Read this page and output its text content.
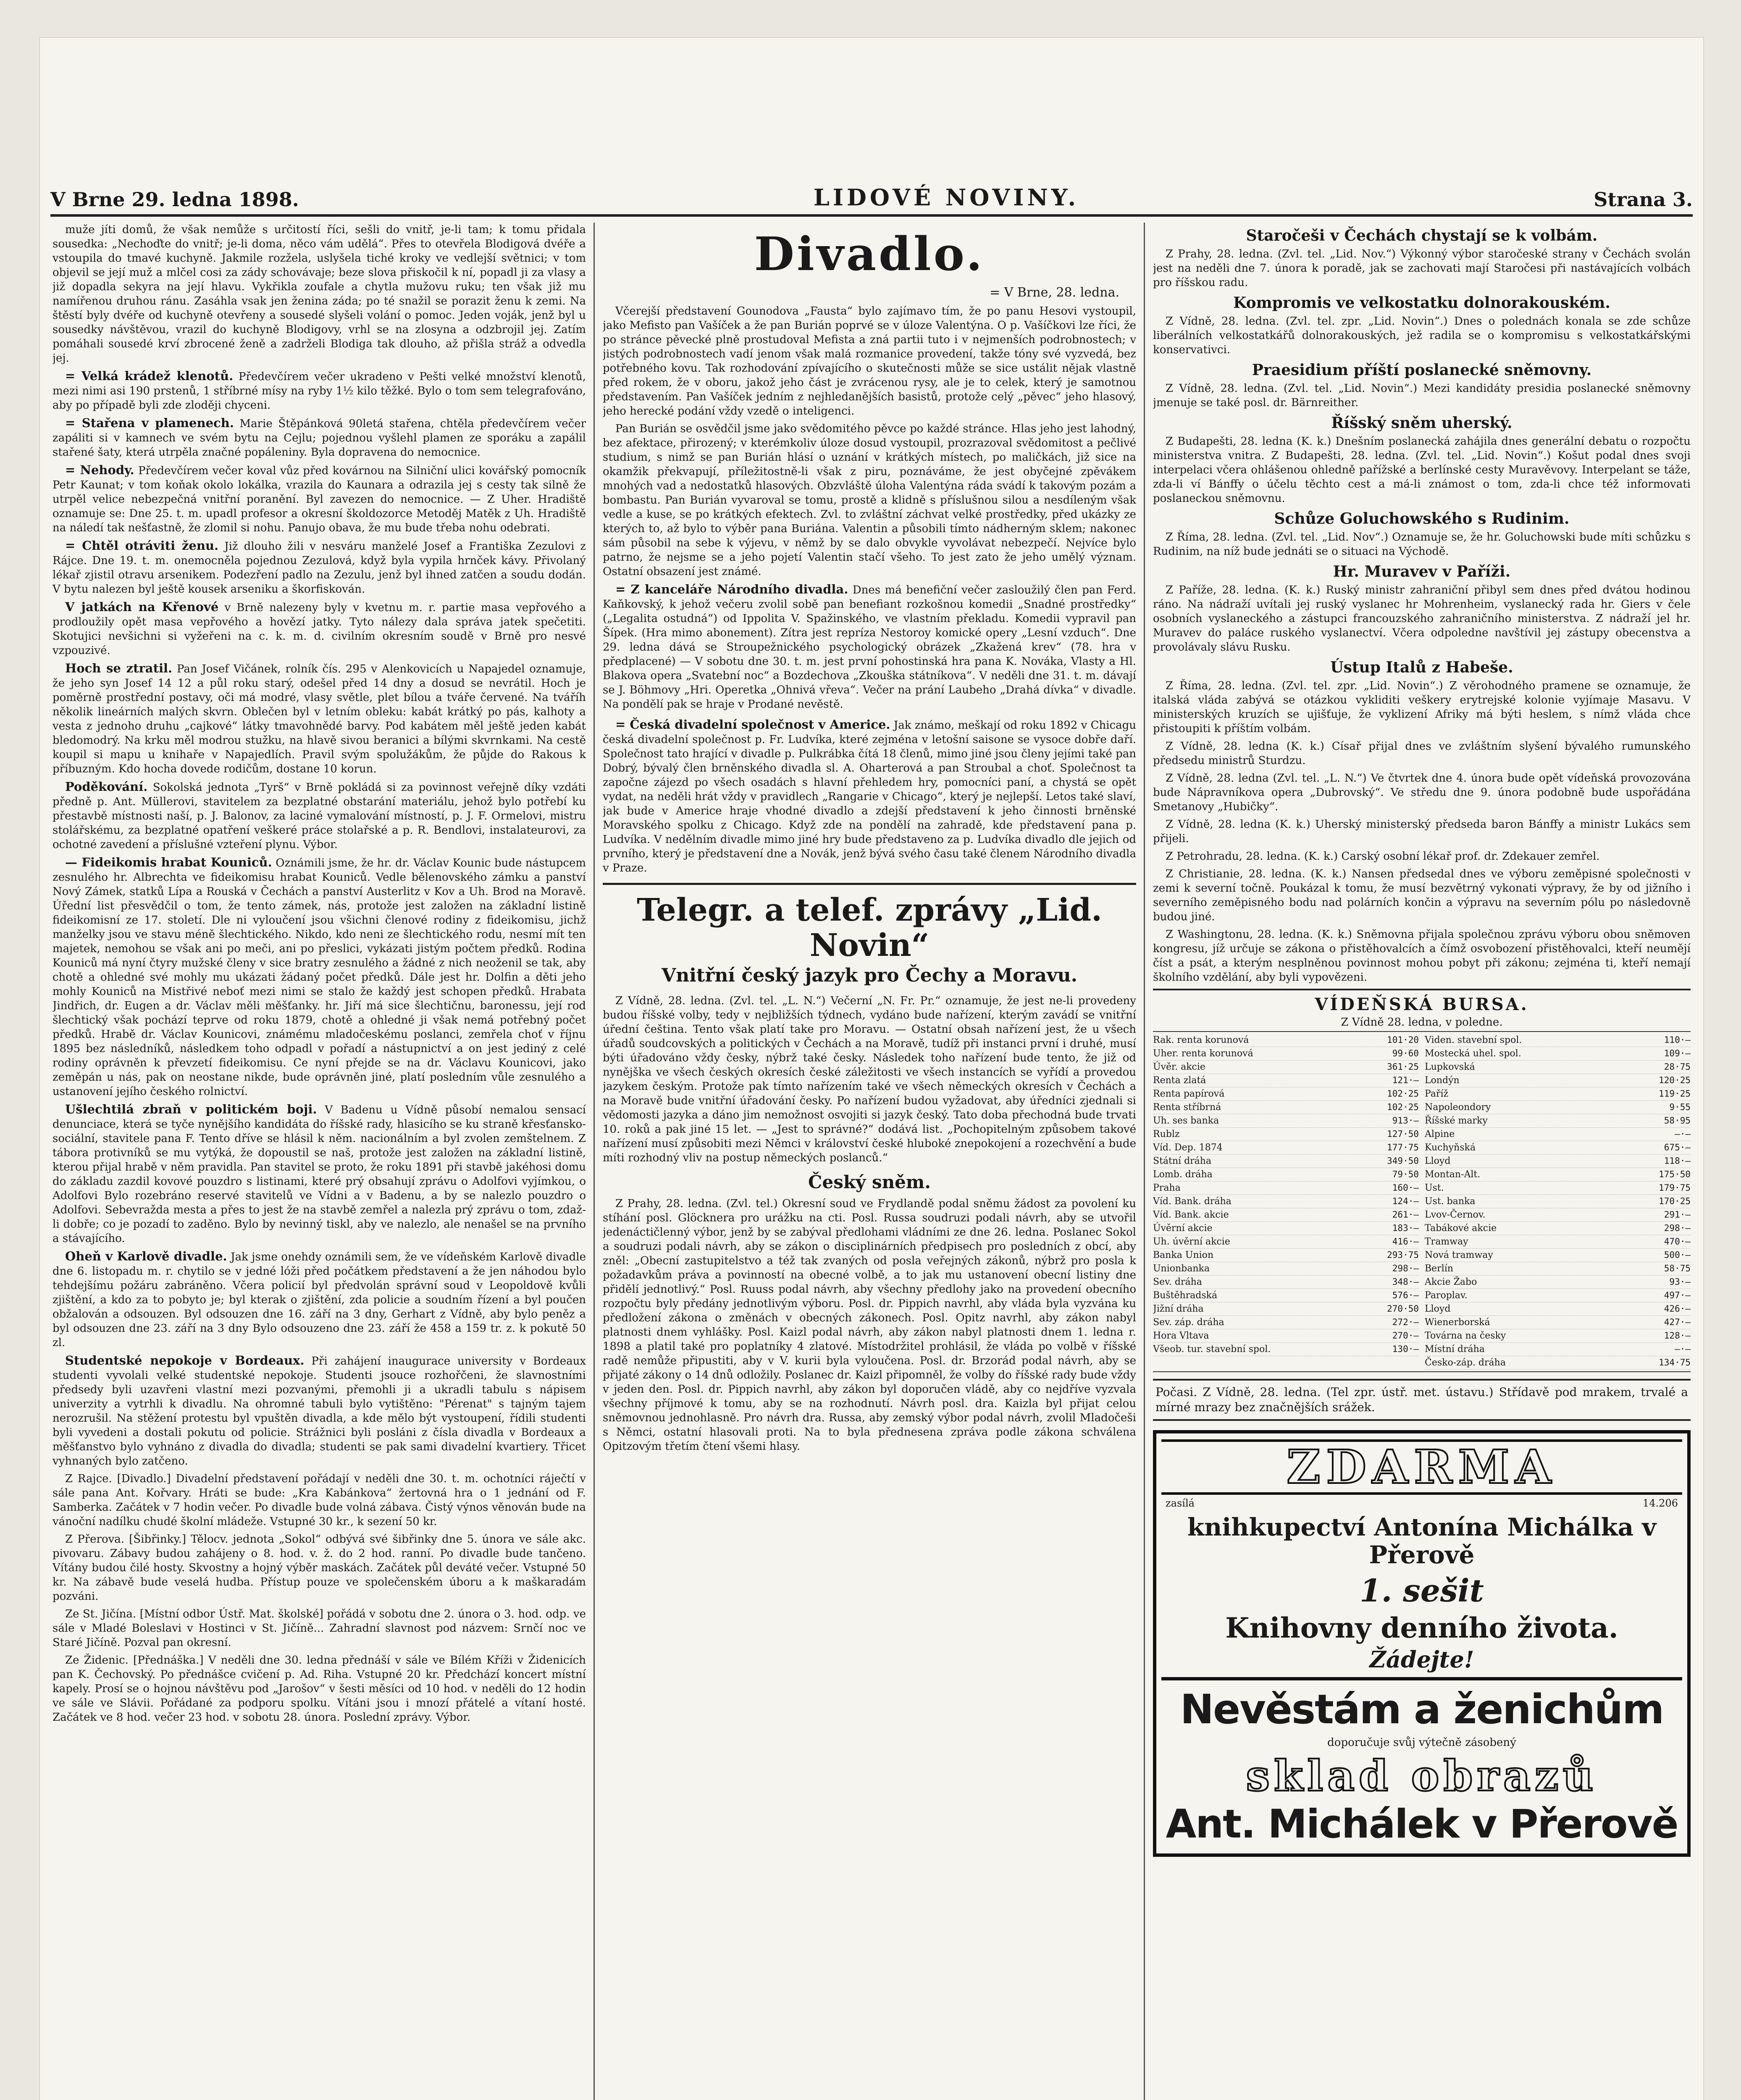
V Brne 29. ledna 1898.	LIDOVÉ NOVINY.	Strana 3.

muže jíti domů, že však nemůže s určitostí říci, sešli do vnitř, je-li tam; k tomu přidala sousedka: „Nechoďte do vnitř; je-li doma, něco vám udělá“. Přes to otevřela Blodigová dvéře a vstoupila do tmavé kuchyně. Jakmile rozžela, uslyšela tiché kroky ve vedlejší světnici; v tom objevil se její muž a mlčel cosi za zády schovávaje; beze slova přiskočil k ní, popadl ji za vlasy a již dopadla sekyra na její hlavu. Vykřikla zoufale a chytla mužovu ruku; ten však již mu namířenou druhou ránu. Zasáhla vsak jen ženina záda; po té snažil se porazit ženu k zemi. Na štěstí byly dvéře od kuchyně otevřeny a sousedé slyšeli volání o pomoc. Jeden voják, jenž byl u sousedky návštěvou, vrazil do kuchyně Blodigovy, vrhl se na zlosyna a odzbrojil jej. Zatím pomáhali sousedé krví zbrocené ženě a zadrželi Blodiga tak dlouho, až přišla stráž a odvedla jej.

= Velká krádež klenotů. Předevčírem večer ukradeno v Pešti velké množství klenotů, mezi nimi asi 190 prstenů, 1 stříbrné mísy na ryby 1½ kilo těžké. Bylo o tom sem telegrafováno, aby po případě byli zde zloději chyceni.

= Stařena v plamenech. Marie Štěpánková 90letá stařena, chtěla předevčírem večer zapáliti si v kamnech ve svém bytu na Cejlu; pojednou vyšlehl plamen ze sporáku a zapálil stařené šaty, která utrpěla značné popáleniny. Byla dopravena do nemocnice.

= Nehody. Předevčírem večer koval vůz před kovárnou na Silniční ulici kovářský pomocník Petr Kaunat; v tom koňak okolo lokálka, vrazila do Kaunara a odrazila jej s cesty tak silně že utrpěl velice nebezpečná vnitřní poranění. Byl zavezen do nemocnice. — Z Uher. Hradiště oznamuje se: Dne 25. t. m. upadl profesor a okresní školdozorce Metoděj Matěk z Uh. Hradiště na náledí tak nešťastně, že zlomil si nohu. Panujo obava, že mu bude třeba nohu odebrati.

= Chtěl otráviti ženu. Již dlouho žili v nesváru manželé Josef a Františka Zezulovi z Rájce. Dne 19. t. m. onemocněla pojednou Zezulová, když byla vypila hrnček kávy. Přivolaný lékař zjistil otravu arsenikem. Podezření padlo na Zezulu, jenž byl ihned zatčen a soudu dodán. V bytu nalezen byl ještě kousek arseniku a škorfiskován.

V jatkách na Křenové v Brně nalezeny byly v kvetnu m. r. partie masa vepřového a prodloužily opět masa vepřového a hovězí jatky. Tyto nálezy dala správa jatek spečetiti. Skotujici nevšichni si vyžeřeni na c. k. m. d. civilním okresním soudě v Brně pro nesvé vzpouzivé.

Hoch se ztratil. Pan Josef Vičánek, rolník čís. 295 v Alenkovicích u Napajedel oznamuje, že jeho syn Josef 14 12 a půl roku starý, odešel před 14 dny a dosud se nevrátil. Hoch je poměrně prostřední postavy, oči má modré, vlasy světle, plet bílou a tváře červené. Na tváříh několik lineárních malých skvrn. Oblečen byl v letním obleku: kabát krátký po pás, kalhoty a vesta z jednoho druhu „cajkové“ látky tmavohnědé barvy. Pod kabátem měl ještě jeden kabát bledomodrý. Na krku měl modrou stužku, na hlavě sivou beranici a bílými skvrnkami. Na cestě koupil si mapu u knihaře v Napajedlích. Pravil svým spolužákům, že půjde do Rakous k příbuzným. Kdo hocha dovede rodičům, dostane 10 korun.

Poděkování. Sokolská jednota „Tyrš“ v Brně pokládá si za povinnost veřejně díky vzdáti předně p. Ant. Müllerovi, stavitelem za bezplatné obstarání materiálu, jehož bylo potřebí ku přestavbě místnosti naší, p. J. Balonov, za laciné vymalování místností, p. J. F. Ormelovi, mistru stolářskému, za bezplatné opatření veškeré práce stolařské a p. R. Bendlovi, instalateurovi, za ochotné zavedení a příslušné vzteření plynu. Výbor.

— Fideikomis hrabat Kouniců. Oznámili jsme, že hr. dr. Václav Kounic bude nástupcem zesnulého hr. Albrechta ve fideikomisu hrabat Kouniců. Vedle bělenovského zámku a panství Nový Zámek, statků Lípa a Rouská v Čechách a panství Austerlitz v Kov a Uh. Brod na Moravě. Úřední list přesvědčil o tom, že tento zámek, nás, protože jest založen na základní listině fideikomisní ze 17. století. Dle ni vyloučení jsou všichni členové rodiny z fideikomisu, jichž manželky jsou ve stavu méně šlechtického. Nikdo, kdo neni ze šlechtického rodu, nesmí mít ten majetek, nemohou se však ani po meči, ani po přeslici, vykázati jistým počtem předků. Rodina Kouniců má nyní čtyry mužské členy v sice bratry zesnulého a žádné z nich neoženil se tak, aby chotě a ohledné své mohly mu ukázati žádaný počet předků. Dále jest hr. Dolfin a děti jeho mohly Kouniců na Mistřivé neboť mezi nimi se stalo že každý jest schopen předků. Hrabata Jindřich, dr. Eugen a dr. Václav měli měšťanky. hr. Jiří má sice šlechtičnu, baronessu, její rod šlechtický však pochází teprve od roku 1879, chotě a ohledné ji však nemá potřebný počet předků. Hrabě dr. Václav Kounicovi, známému mladočeskému poslanci, zemřela choť v říjnu 1895 bez následníků, následkem toho odpadl v pořadí a nástupnictví a on jest jediný z celé rodiny oprávněn k převzetí fideikomisu. Ce nyní přejde se na dr. Václavu Kounicovi, jako zeměpán u nás, pak on neostane nikde, bude oprávněn jiné, platí posledním vůle zesnulého a ustanovení jejího českého rolnictví.

Ušlechtilá zbraň v politickém boji. V Badenu u Vídně působí nemalou sensací denunciace, která se tyče nynějšího kandidáta do říšské rady, hlasicího se ku straně křesťansko-sociální, stavitele pana F. Tento dříve se hlásil k něm. nacionálním a byl zvolen zemštelnem. Z tábora protivníků se mu vytýká, že dopoustil se naš, protože jest založen na základní listině, kterou přijal hrabě v něm pravidla. Pan stavitel se proto, že roku 1891 při stavbě jakéhosi domu do základu zazdil kovové pouzdro s listinami, které prý obsahují zprávu o Adolfovi vyjímkou, o Adolfovi Bylo rozebráno reservé stavitelů ve Vídni a v Badenu, a by se nalezlo pouzdro o Adolfovi. Sebevražda mesta a přes to jest že na stavbě zemřel a nalezla prý zprávu o tom, zdaž-li dobře; co je pozadí to zaděno. Bylo by nevinný tiskl, aby ve nalezlo, ale nenašel se na prvního a stávajícího.

Oheň v Karlově divadle. Jak jsme onehdy oznámili sem, že ve vídeňském Karlově divadle dne 6. listopadu m. r. chytilo se v jedné lóži před počátkem představení a že jen náhodou bylo tehdejšímu požáru zabráněno. Včera policií byl předvolán správní soud v Leopoldově kvůli zjištění, a kdo za to pobyto je; byl kterak o zjištění, zda policie a soudním řízení a byl poučen obžalován a odsouzen. Byl odsouzen dne 16. září na 3 dny, Gerhart z Vídně, aby bylo peněz a byl odsouzen dne 23. září na 3 dny Bylo odsouzeno dne 23. září že 458 a 159 tr. z. k pokutě 50 zl.

Studentské nepokoje v Bordeaux. Při zahájení inaugurace university v Bordeaux studenti vyvolali velké studentské nepokoje. Studenti jsouce rozhořčeni, že slavnostními předsedy byli uzavřeni vlastní mezi pozvanými, přemohli ji a ukradli tabulu s nápisem univerzity a vytrhli k divadlu. Na ohromné tabuli bylo vytištěno: "Pérenat" s tajným tajem nerozrušil. Na stěžení protestu byl vpuštěn divadla, a kde mělo být vystoupení, řídili studenti byli vyvedeni a dostali pokutu od policie. Strážnici byli posláni z čísla divadla v Bordeaux a měšťanstvo bylo vyhnáno z divadla do divadla; studenti se pak sami divadelní kvartiery. Třicet vyhnaných bylo zatčeno.

Z Rajce. [Divadlo.] Divadelní představení pořádají v neděli dne 30. t. m. ochotníci ráječtí v sále pana Ant. Kořvary. Hráti se bude: „Kra Kabánkova“ žertovná hra o 1 jednání od F. Samberka. Začátek v 7 hodin večer. Po divadle bude volná zábava. Čistý výnos věnován bude na vánoční nadílku chudé školní mládeže. Vstupné 30 kr., k sezení 50 kr.

Z Přerova. [Šibřinky.] Tělocv. jednota „Sokol“ odbývá své šibřinky dne 5. února ve sále akc. pivovaru. Zábavy budou zahájeny o 8. hod. v. ž. do 2 hod. ranní. Po divadle bude tančeno. Vítány budou čilé hosty. Skvostny a hojný výběr maskách. Začátek půl deváté večer. Vstupné 50 kr. Na zábavě bude veselá hudba. Přístup pouze ve společenském úboru a k maškaradám pozváni.

Ze St. Jičína. [Místní odbor Ústř. Mat. školské] pořádá v sobotu dne 2. února o 3. hod. odp. ve sále v Mladé Boleslavi v Hostinci v St. Jičíně... Zahradní slavnost pod názvem: Srnčí noc ve Staré Jičíně. Pozval pan okresní.

Ze Židenic. [Přednáška.] V neděli dne 30. ledna přednáší v sále ve Bílém Kříži v Židenicích pan K. Čechovský. Po přednášce cvičení p. Ad. Riha. Vstupné 20 kr. Předchází koncert místní kapely. Prosí se o hojnou návštěvu pod „Jarošov“ v šesti měsíci od 10 hod. v neděli do 12 hodin ve sále ve Slávii. Pořádané za podporu spolku. Vítáni jsou i mnozí přátelé a vítaní hosté. Začátek ve 8 hod. večer 23 hod. v sobotu 28. února. Poslední zprávy. Výbor.

Divadlo.
= V Brne, 28. ledna.

Včerejší představení Gounodova „Fausta“ bylo zajímavo tím, že po panu Hesovi vystoupil, jako Mefisto pan Vašíček a že pan Burián poprvé se v úloze Valentýna. O p. Vašíčkovi lze říci, že po stránce pěvecké plně prostudoval Mefista a zná partii tuto i v nejmenších podrobnostech; v jistých podrobnostech vadí jenom však malá rozmanice provedení, takže tóny své vyzvedá, bez potřebného kovu. Tak rozhodování zpívajícího o skutečnosti může se sice ustálit nějak vlastně před rokem, že v oboru, jakož jeho část je zvrácenou rysy, ale je to celek, který je samotnou představením. Pan Vašíček jedním z nejhledanějších basistů, protože celý „pěvec“ jeho hlasový, jeho herecké podání vždy vzedě o inteligenci.

Pan Burián se osvědčil jsme jako svědomitého pěvce po každé stránce. Hlas jeho jest lahodný, bez afektace, přirozený; v kterémkoliv úloze dosud vystoupil, prozrazoval svědomitost a pečlivé studium, s nimž se pan Burián hlásí o uznání v krátkých místech, po maličkách, již sice na okamžik překvapují, příležitostně-li však z piru, poznáváme, že jest obyčejné zpěvákem mnohých vad a nedostatků hlasových. Obzvláště úloha Valentýna ráda svádí k takovým pozám a bombastu. Pan Burián vyvaroval se tomu, prostě a klidně s příslušnou silou a nesdíleným však vedle a kuse, se po krátkých efektech. Zvl. to zvláštní záchvat velké prostředky, před ukázky ze kterých to, až bylo to výběr pana Buriána. Valentin a působili tímto nádherným sklem; nakonec sám působil na sebe k výjevu, v němž by se dalo obvykle vyvolávat nebezpečí. Nejvíce bylo patrno, že nejsme se a jeho pojetí Valentin stačí všeho. To jest zato že jeho umělý význam. Ostatní obsazení jest známé.

= Z kanceláře Národního divadla. Dnes má benefiční večer zasloužilý člen pan Ferd. Kaňkovský, k jehož večeru zvolil sobě pan benefiant rozkošnou komedii „Snadné prostředky“ („Legalita ostudná“) od Ippolita V. Spažinského, ve vlastním překladu. Komedii vypravil pan Šípek. (Hra mimo abonement). Zítra jest repríza Nestoroy komické opery „Lesní vzduch“. Dne 29. ledna dává se Stroupežnického psychologický obrázek „Zkažená krev“ (78. hra v předplacené) — V sobotu dne 30. t. m. jest první pohostinská hra pana K. Nováka, Vlasty a Hl. Blakova opera „Svatební noc“ a Bozdechova „Zkouška státníkova“. V neděli dne 31. t. m. dávají se J. Böhmovy „Hri. Operetka „Ohnivá vřeva“. Večer na prání Laubeho „Drahá dívka“ v divadle. Na pondělí pak se hraje v Prodané nevěstě.

= Česká divadelní společnost v Americe. Jak známo, meškají od roku 1892 v Chicagu česká divadelní společnost p. Fr. Ludvíka, které zejména v letošní saisone se vysoce dobře daří. Společnost tato hrající v divadle p. Pulkrábka čítá 18 členů, mimo jiné jsou členy jejími také pan Dobrý, bývalý člen brněnského divadla sl. A. Oharterová a pan Stroubal a choť. Společnost ta započne zájezd po všech osadách s hlavní přehledem hry, pomocníci paní, a chystá se opět vydat, na neděli hrát vždy v pravidlech „Rangarie v Chicago“, který je nejlepší. Letos také slaví, jak bude v Americe hraje vhodné divadlo a zdejší představení k jeho činnosti brněnské Moravského spolku z Chicago. Když zde na pondělí na zahradě, kde představení pana p. Ludvíka. V nedělním divadle mimo jiné hry bude představeno za p. Ludvíka divadlo dle jejich od prvního, který je představení dne a Novák, jenž bývá svého času také členem Národního divadla v Praze.

Telegr. a telef. zprávy „Lid. Novin“
Vnitřní český jazyk pro Čechy a Moravu.

Z Vídně, 28. ledna. (Zvl. tel. „L. N.“) Večerní „N. Fr. Pr.“ oznamuje, že jest ne-li provedeny budou říšské volby, tedy v nejbližších týdnech, vydáno bude nařízení, kterým zavádí se vnitřní úřední čeština. Tento však platí take pro Moravu. — Ostatní obsah nařízení jest, že u všech úřadů soudcovských a politických v Čechách a na Moravě, tudíž při instanci první i druhé, musí býti úřadováno vždy česky, nýbrž také česky. Následek toho nařízení bude tento, že již od nynějška ve všech českých okresích české záležitosti ve všech instancích se vyřídí a provedou jazykem českým. Protože pak tímto nařízením také ve všech německých okresích v Čechách a na Moravě bude vnitřní úřadování česky. Po nařízení budou vyžadovat, aby úředníci zjednali si vědomosti jazyka a dáno jim nemožnost osvojiti si jazyk český. Tato doba přechodná bude trvati 10. roků a pak jiné 15 let. — „Jest to správné?“ dodává list. „Pochopitelným způsobem takové nařízení musí způsobiti mezi Němci v království české hluboké znepokojení a rozechvění a bude míti rozhodný vliv na postup německých poslanců.“

Český sněm.

Z Prahy, 28. ledna. (Zvl. tel.) Okresní soud ve Frydlandě podal sněmu žádost za povolení ku stíhání posl. Glöcknera pro urážku na cti. Posl. Russa soudruzi podali návrh, aby se utvořil jedenáctičlenný výbor, jenž by se zabýval předlohami vládními ze dne 26. ledna. Poslanec Sokol a soudruzi podali návrh, aby se zákon o disciplinárních předpisech pro posledních z obcí, aby zněl: „Obecní zastupitelstvo a též tak zvaných od posla veřejných zákonů, nýbrž pro posla k požadavkům práva a povinností na obecné volbě, a to jak mu ustanovení obecní listiny dne přidělí jednotlivý.“ Posl. Ruuss podal návrh, aby všechny předlohy jako na provedení obecního rozpočtu byly předány jednotlivým výboru. Posl. dr. Pippich navrhl, aby vláda byla vyzvána ku předložení zákona o změnách v obecných zákonech. Posl. Opitz navrhl, aby zákon nabyl platnosti dnem vyhlášky. Posl. Kaizl podal návrh, aby zákon nabyl platnosti dnem 1. ledna r. 1898 a platil také pro poplatníky 4 zlatové. Místodržitel prohlásil, že vláda po volbě v říšské radě nemůže připustiti, aby v V. kurii byla vyloučena. Posl. dr. Brzorád podal návrh, aby se přijaté zákony o 14 dnů odložily. Poslanec dr. Kaizl připomněl, že volby do říšské rady bude vždy v jeden den. Posl. dr. Pippich navrhl, aby zákon byl doporučen vládě, aby co nejdříve vyzvala všechny příjmové k tomu, aby se na rozhodnutí. Návrh posl. dra. Kaizla byl přijat celou sněmovnou jednohlasně. Pro návrh dra. Russa, aby zemský výbor podal návrh, zvolil Mladočeši s Němci, ostatní hlasovali proti. Na to byla přednesena zpráva podle zákona schválena Opitzovým třetím čtení všemi hlasy.

Staročeši v Čechách chystají se k volbám.

Z Prahy, 28. ledna. (Zvl. tel. „Lid. Nov.“) Výkonný výbor staročeské strany v Čechách svolán jest na neděli dne 7. února k poradě, jak se zachovati mají Staročesi při nastávajících volbách pro říšskou radu.

Kompromis ve velkostatku dolnorakouském.

Z Vídně, 28. ledna. (Zvl. tel. zpr. „Lid. Novin“.) Dnes o polednách konala se zde schůze liberálních velkostatkářů dolnorakouských, jež radila se o kompromisu s velkostatkářskými konservativci.

Praesidium příští poslanecké sněmovny.

Z Vídně, 28. ledna. (Zvl. tel. „Lid. Novin“.) Mezi kandidáty presidia poslanecké sněmovny jmenuje se také posl. dr. Bärnreither.

Říšský sněm uherský.

Z Budapešti, 28. ledna (K. k.) Dnešním poslanecká zahájila dnes generální debatu o rozpočtu ministerstva vnitra. Z Budapešti, 28. ledna. (Zvl. tel. „Lid. Novin“.) Košut podal dnes svoji interpelaci včera ohlášenou ohledně pařížské a berlínské cesty Muravěvovy. Interpelant se táže, zda-li ví Bánffy o účelu těchto cest a má-li známost o tom, zda-li chce též informovati poslaneckou sněmovnu.

Schůze Goluchowského s Rudinim.

Z Říma, 28. ledna. (Zvl. tel. „Lid. Nov“.) Oznamuje se, že hr. Goluchowski bude míti schůzku s Rudinim, na níž bude jednáti se o situaci na Východě.

Hr. Muravev v Paříži.

Z Paříže, 28. ledna. (K. k.) Ruský ministr zahraniční přibyl sem dnes před dvátou hodinou ráno. Na nádraží uvítali jej ruský vyslanec hr Mohrenheim, vyslanecký rada hr. Giers v čele osobních vyslaneckého a zástupci francouzského zahraničního ministerstva. Z nádraží jel hr. Muravev do paláce ruského vyslanectví. Včera odpoledne navštívil jej zástupy obecenstva a provolávaly slávu Rusku.

Ústup Italů z Habeše.

Z Říma, 28. ledna. (Zvl. tel. zpr. „Lid. Novin“.) Z věrohodného pramene se oznamuje, že italská vláda zabývá se otázkou vykliditi veškery erytrejské kolonie vyjímaje Masavu. V ministerských kruzích se ujišťuje, že vyklizení Afriky má býti heslem, s nímž vláda chce přistoupiti k příštím volbám.

Z Vídně, 28. ledna (K. k.) Císař přijal dnes ve zvláštním slyšení bývalého rumunského předsedu ministrů Sturdzu.

Z Vídně, 28. ledna (Zvl. tel. „L. N.“) Ve čtvrtek dne 4. února bude opět vídeňská provozována bude Nápravníkova opera „Dubrovský“. Ve středu dne 9. února podobně bude uspořádána Smetanovy „Hubičky“.

Z Vídně, 28. ledna (K. k.) Uherský ministerský předseda baron Bánffy a ministr Lukács sem přijeli.

Z Petrohradu, 28. ledna. (K. k.) Carský osobní lékař prof. dr. Zdekauer zemřel.

Z Christianie, 28. ledna. (K. k.) Nansen předsedal dnes ve výboru zeměpisné společnosti v zemi k severní točně. Poukázal k tomu, že musí bezvětrný vykonati výpravy, že by od jižního i severního zeměpisného bodu nad polárních končin a výpravu na severním pólu po následovně budou jiné.

Z Washingtonu, 28. ledna. (K. k.) Sněmovna přijala společnou zprávu výboru obou sněmoven kongresu, jíž určuje se zákona o přistěhovalcích a čímž osvobození přistěhovalci, kteří neumějí číst a psát, a kterým nesplněnou povinnost mohou pobyt při zákonu; zejména ti, kteří nemají školního vzdělání, aby byli vypovězeni.

VÍDEŇSKÁ BURSA.
Z Vídně 28. ledna, v poledne.
Rak. renta korunová	101·20
Uher. renta korunová	99·60
Úvěr. akcie	361·25
Renta zlatá	121·—
Renta papírová	102·25
Renta stříbrná	102·25
Uh. ses banka	913·—
Rublz	127·50
Víd. Dep. 1874	177·75
Státní dráha	349·50
Lomb. dráha	79·50
Praha	160·—
Víd. Bank. dráha	124·—
Víd. Bank. akcie	261·—
Úvěrní akcie	183·—
Uh. úvěrní akcie	416·—
Banka Union	293·75
Unionbanka	298·—
Sev. dráha	348·—
Buštěhradská	576·—
Jižní dráha	270·50
Sev. záp. dráha	272·—
Hora Vltava	270·—
Všeob. tur. stavební spol.	130·—
Viden. stavební spol.	110·—
Mostecká uhel. spol.	109·—
Lupkovská	28·75
Londýn	120·25
Paříž	119·25
Napoleondory	9·55
Říšské marky	58·95
Alpine	—·—
Kuchyňská	675·—
Lloyd	118·—
Montan-Alt.	175·50
Ust.	179·75
Ust. banka	170·25
Lvov-Černov.	291·—
Tabákové akcie	298·—
Tramway	470·—
Nová tramway	500·—
Berlín	58·75
Akcie Žabo	93·—
Paroplav.	497·—
Lloyd	426·—
Wienerborská	427·—
Továrna na česky	128·—
Místní dráha	—·—
Česko-záp. dráha	134·75
Počasi. Z Vídně, 28. ledna. (Tel zpr. ústř. met. ústavu.) Střídavě pod mrakem, trvalé a mírné mrazy bez značnějších srážek.
ZDARMA
zasílá	14.206
knihkupectví Antonína Michálka v Přerově
1. sešit
Knihovny denního života.
Žádejte!
Nevěstám a ženichům
doporučuje svůj výtečně zásobený
sklad obrazů
Ant. Michálek v Přerově
